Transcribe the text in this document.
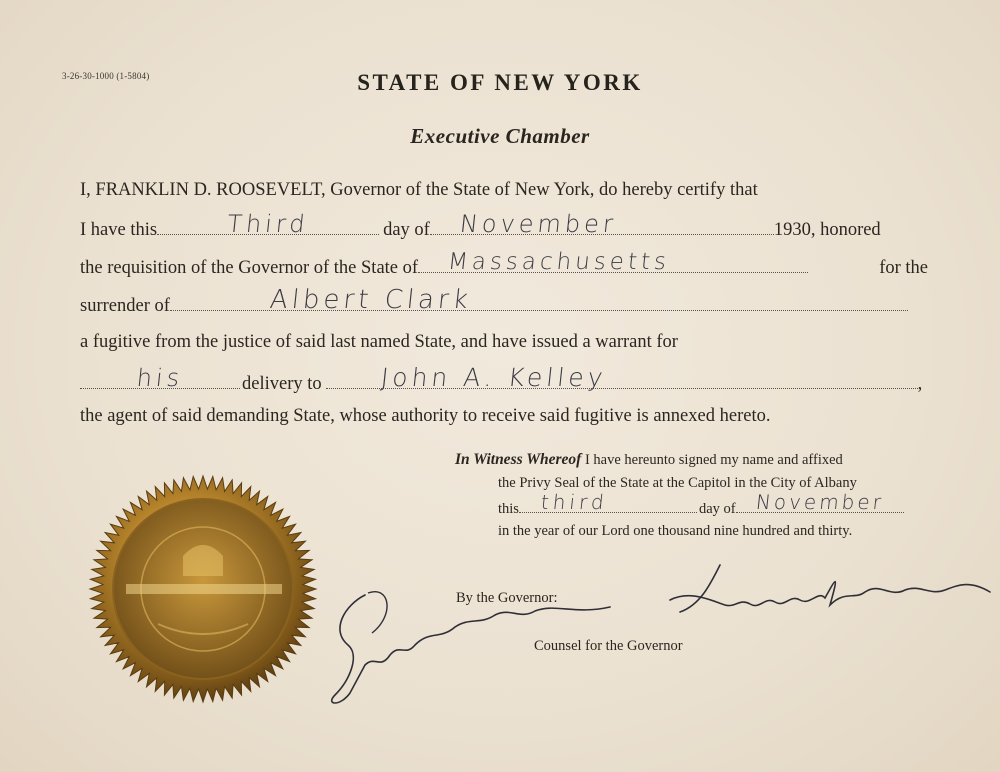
3-26-30-1000 (1-5804)	STATE OF NEW YORK
Executive Chamber
I, FRANKLIN D. ROOSEVELT, Governor of the State of New York, do hereby certify that
I have this	Third	day of	November	1930, honored
the requisition of the Governor of the State of	Massachusetts	for the
surrender of	Albert Clark
a fugitive from the justice of said last named State, and have issued a warrant for
his	delivery to	John A. Kelley	,
the agent of said demanding State, whose authority to receive said fugitive is annexed hereto.
In Witness Whereof I have hereunto signed my name and affixed
the Privy Seal of the State at the Capitol in the City of Albany
this	third	day of November
in the year of our Lord one thousand nine hundred and thirty.
By the Governor:
Counsel for the Governor
